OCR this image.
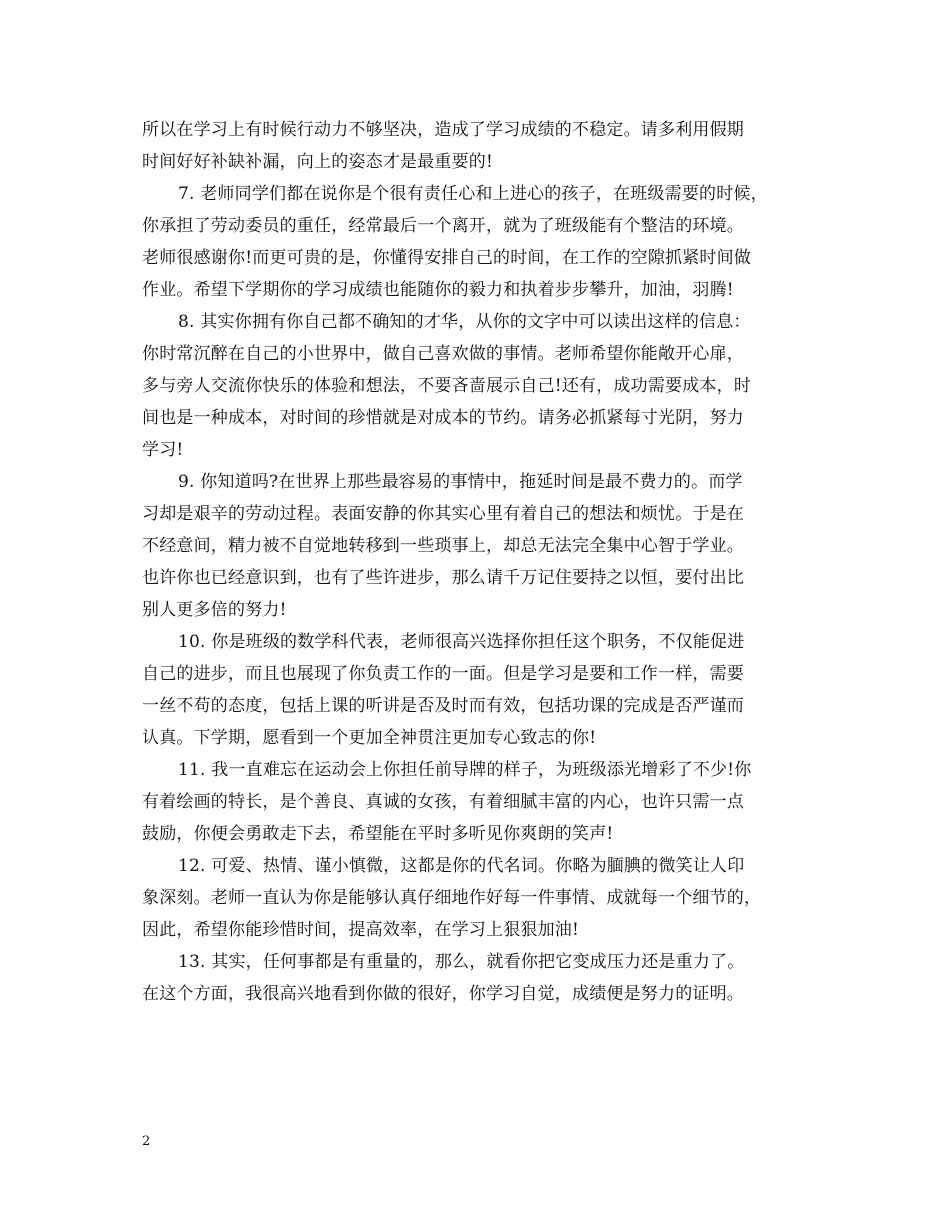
所以在学习上有时候行动力不够坚决，造成了学习成绩的不稳定。请多利用假期
时间好好补缺补漏，向上的姿态才是最重要的!
7. 老师同学们都在说你是个很有责任心和上进心的孩子，在班级需要的时候，
你承担了劳动委员的重任，经常最后一个离开，就为了班级能有个整洁的环境。
老师很感谢你!而更可贵的是，你懂得安排自己的时间，在工作的空隙抓紧时间做
作业。希望下学期你的学习成绩也能随你的毅力和执着步步攀升，加油，羽腾!
8. 其实你拥有你自己都不确知的才华，从你的文字中可以读出这样的信息：
你时常沉醉在自己的小世界中，做自己喜欢做的事情。老师希望你能敞开心扉，
多与旁人交流你快乐的体验和想法，不要吝啬展示自己!还有，成功需要成本，时
间也是一种成本，对时间的珍惜就是对成本的节约。请务必抓紧每寸光阴，努力
学习!
9. 你知道吗?在世界上那些最容易的事情中，拖延时间是最不费力的。而学
习却是艰辛的劳动过程。表面安静的你其实心里有着自己的想法和烦忧。于是在
不经意间，精力被不自觉地转移到一些琐事上，却总无法完全集中心智于学业。
也许你也已经意识到，也有了些许进步，那么请千万记住要持之以恒，要付出比
别人更多倍的努力!
10. 你是班级的数学科代表，老师很高兴选择你担任这个职务，不仅能促进
自己的进步，而且也展现了你负责工作的一面。但是学习是要和工作一样，需要
一丝不苟的态度，包括上课的听讲是否及时而有效，包括功课的完成是否严谨而
认真。下学期，愿看到一个更加全神贯注更加专心致志的你!
11. 我一直难忘在运动会上你担任前导牌的样子，为班级添光增彩了不少!你
有着绘画的特长，是个善良、真诚的女孩，有着细腻丰富的内心，也许只需一点
鼓励，你便会勇敢走下去，希望能在平时多听见你爽朗的笑声!
12. 可爱、热情、谨小慎微，这都是你的代名词。你略为腼腆的微笑让人印
象深刻。老师一直认为你是能够认真仔细地作好每一件事情、成就每一个细节的，
因此，希望你能珍惜时间，提高效率，在学习上狠狠加油!
13. 其实，任何事都是有重量的，那么，就看你把它变成压力还是重力了。
在这个方面，我很高兴地看到你做的很好，你学习自觉，成绩便是努力的证明。
2
